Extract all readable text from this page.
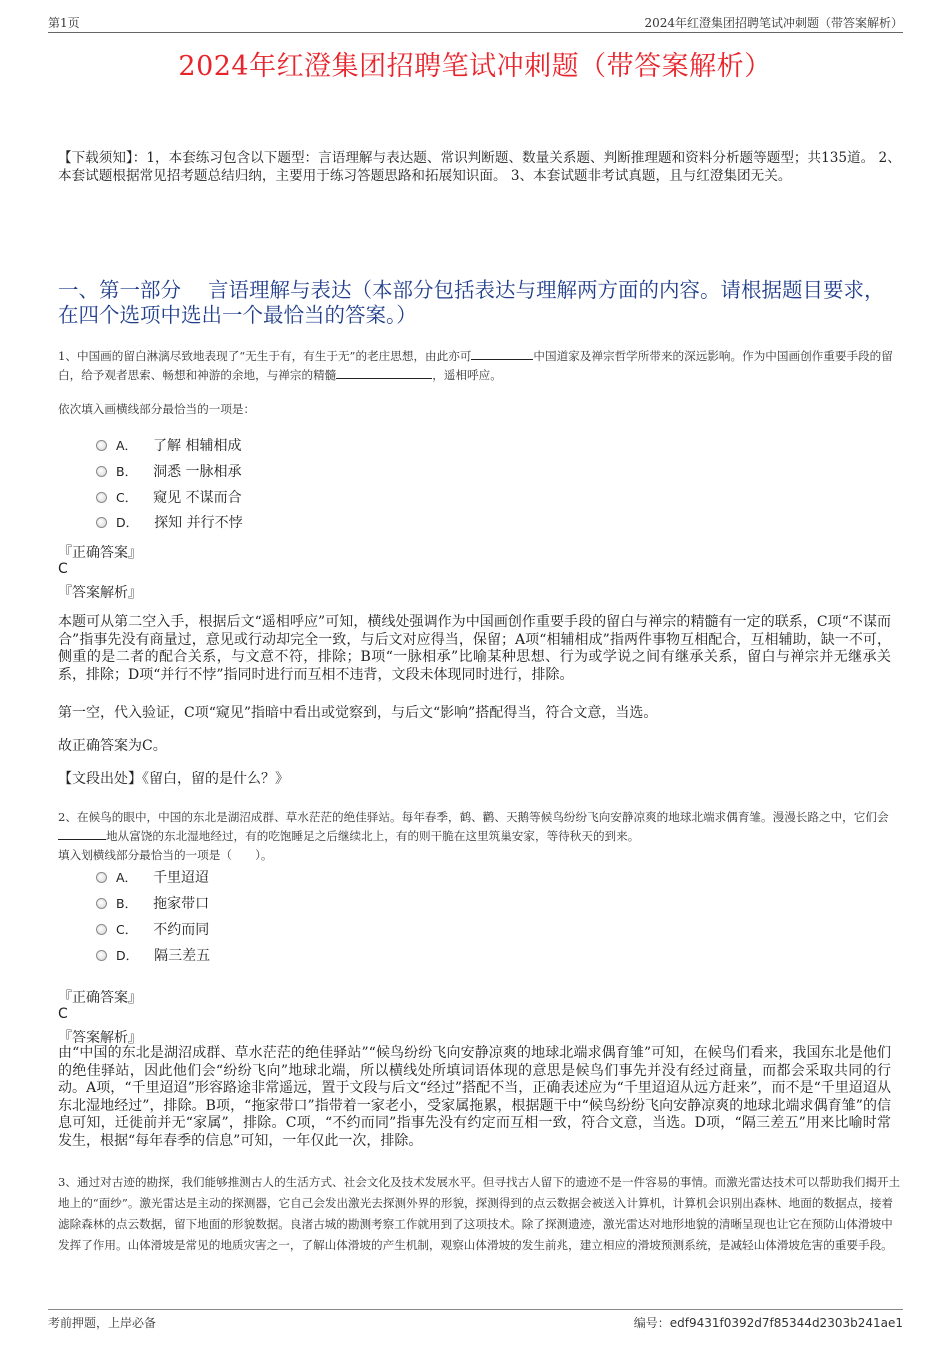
第1页	2024年红澄集团招聘笔试冲刺题（带答案解析）
2024年红澄集团招聘笔试冲刺题（带答案解析）
【下载须知】：1，本套练习包含以下题型：言语理解与表达题、常识判断题、数量关系题、判断推理题和资料分析题等题型；共135道。 2、本套试题根据常见招考题总结归纳，主要用于练习答题思路和拓展知识面。 3、本套试题非考试真题，且与红澄集团无关。
一、第一部分　 言语理解与表达（本部分包括表达与理解两方面的内容。请根据题目要求，在四个选项中选出一个最恰当的答案。）
1、中国画的留白淋漓尽致地表现了“无生于有，有生于无”的老庄思想，由此亦可	中国道家及禅宗哲学所带来的深远影响。作为中国画创作重要手段的留白，给予观者思索、畅想和神游的余地，与禅宗的精髓	，遥相呼应。
依次填入画横线部分最恰当的一项是：
A． 了解 相辅相成
B． 洞悉 一脉相承
C． 窥见 不谋而合
D． 探知 并行不悖
『正确答案』
C
『答案解析』
本题可从第二空入手，根据后文“遥相呼应”可知，横线处强调作为中国画创作重要手段的留白与禅宗的精髓有一定的联系，C项“不谋而合”指事先没有商量过，意见或行动却完全一致，与后文对应得当，保留；A项“相辅相成”指两件事物互相配合，互相辅助，缺一不可，侧重的是二者的配合关系，与文意不符，排除；B项“一脉相承”比喻某种思想、行为或学说之间有继承关系，留白与禅宗并无继承关系，排除；D项“并行不悖”指同时进行而互相不违背，文段未体现同时进行，排除。
第一空，代入验证，C项“窥见”指暗中看出或觉察到，与后文“影响”搭配得当，符合文意，当选。
故正确答案为C。
【文段出处】《留白，留的是什么？》
2、在候鸟的眼中，中国的东北是湖沼成群、草水茫茫的绝佳驿站。每年春季，鹤、鹳、天鹅等候鸟纷纷飞向安静凉爽的地球北端求偶育雏。漫漫长路之中，它们会地从富饶的东北湿地经过，有的吃饱睡足之后继续北上，有的则干脆在这里筑巢安家，等待秋天的到来。
填入划横线部分最恰当的一项是（　　）。
A． 千里迢迢
B． 拖家带口
C． 不约而同
D． 隔三差五
『正确答案』
C
『答案解析』
由“中国的东北是湖沼成群、草水茫茫的绝佳驿站”“候鸟纷纷飞向安静凉爽的地球北端求偶育雏”可知，在候鸟们看来，我国东北是他们的绝佳驿站，因此他们会“纷纷飞向”地球北端，所以横线处所填词语体现的意思是候鸟们事先并没有经过商量，而都会采取共同的行动。A项，“千里迢迢”形容路途非常遥远，置于文段与后文“经过”搭配不当，正确表述应为“千里迢迢从远方赶来”，而不是“千里迢迢从东北湿地经过”，排除。B项，“拖家带口”指带着一家老小，受家属拖累，根据题干中“候鸟纷纷飞向安静凉爽的地球北端求偶育雏”的信息可知，迁徙前并无“家属”，排除。C项，“不约而同”指事先没有约定而互相一致，符合文意，当选。D项，“隔三差五”用来比喻时常发生，根据“每年春季的信息”可知，一年仅此一次，排除。
3、通过对古迹的勘探，我们能够推测古人的生活方式、社会文化及技术发展水平。但寻找古人留下的遗迹不是一件容易的事情。而激光雷达技术可以帮助我们揭开土地上的“面纱”。激光雷达是主动的探测器，它自己会发出激光去探测外界的形貌，探测得到的点云数据会被送入计算机，计算机会识别出森林、地面的数据点，接着滤除森林的点云数据，留下地面的形貌数据。良渚古城的勘测考察工作就用到了这项技术。除了探测遗迹，激光雷达对地形地貌的清晰呈现也让它在预防山体滑坡中发挥了作用。山体滑坡是常见的地质灾害之一，了解山体滑坡的产生机制，观察山体滑坡的发生前兆，建立相应的滑坡预测系统，是减轻山体滑坡危害的重要手段。
考前押题，上岸必备	编号：edf9431f0392d7f85344d2303b241ae1
